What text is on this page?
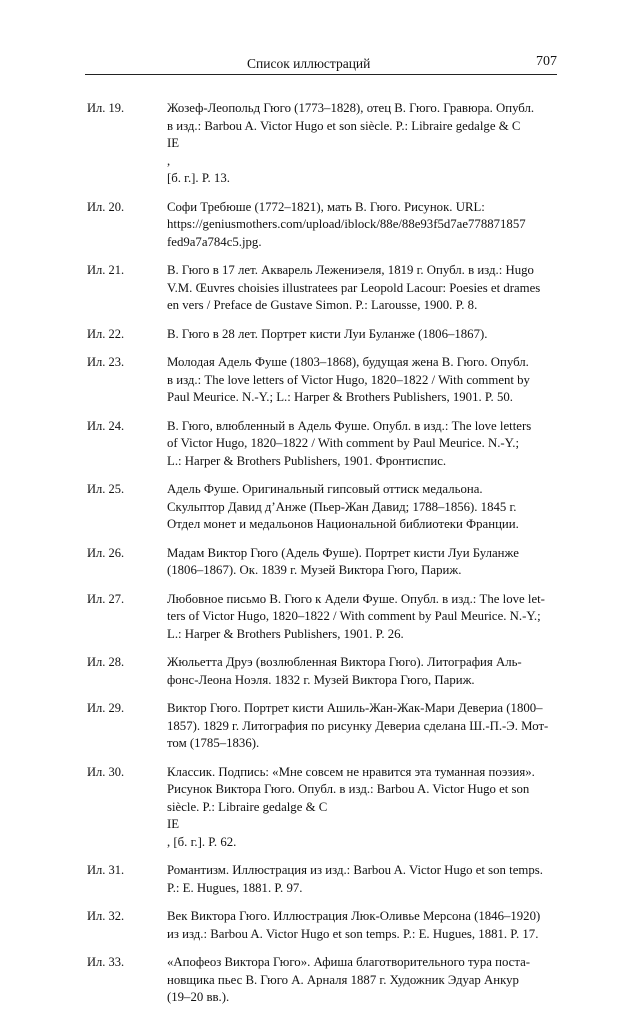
Список иллюстраций	707
Ил. 19.	Жозеф-Леопольд Гюго (1773–1828), отец В. Гюго. Гравюра. Опубл.
в изд.: Barbou A. Victor Hugo et son siècle. P.: Libraire gedalge & C
IE
,
[б. г.]. P. 13.
Ил. 20.	Софи Требюше (1772–1821), мать В. Гюго. Рисунок. URL:
https://geniusmothers.com/upload/iblock/88e/88e93f5d7ae778871857
fed9a7a784c5.jpg.
Ил. 21.	В. Гюго в 17 лет. Акварель Лежениэеля, 1819 г. Опубл. в изд.: Hugo
V.M. Œuvres choisies illustratees par Leopold Lacour: Poesies et drames
en vers / Preface de Gustave Simon. P.: Larousse, 1900. P. 8.
Ил. 22.	В. Гюго в 28 лет. Портрет кисти Луи Буланже (1806–1867).
Ил. 23.	Молодая Адель Фуше (1803–1868), будущая жена В. Гюго. Опубл.
в изд.: The love letters of Victor Hugo, 1820–1822 / With comment by
Paul Meurice. N.-Y.; L.: Harper & Brothers Publishers, 1901. P. 50.
Ил. 24.	В. Гюго, влюбленный в Адель Фуше. Опубл. в изд.: The love letters
of Victor Hugo, 1820–1822 / With comment by Paul Meurice. N.-Y.;
L.: Harper & Brothers Publishers, 1901. Фронтиспис.
Ил. 25.	Адель Фуше. Оригинальный гипсовый оттиск медальона.
Скульптор Давид д’Анже (Пьер-Жан Давид; 1788–1856). 1845 г.
Отдел монет и медальонов Национальной библиотеки Франции.
Ил. 26.	Мадам Виктор Гюго (Адель Фуше). Портрет кисти Луи Буланже
(1806–1867). Ок. 1839 г. Музей Виктора Гюго, Париж.
Ил. 27.	Любовное письмо В. Гюго к Адели Фуше. Опубл. в изд.: The love let-
ters of Victor Hugo, 1820–1822 / With comment by Paul Meurice. N.-Y.;
L.: Harper & Brothers Publishers, 1901. P. 26.
Ил. 28.	Жюльетта Друэ (возлюбленная Виктора Гюго). Литография Аль-
фонс-Леона Ноэля. 1832 г. Музей Виктора Гюго, Париж.
Ил. 29.	Виктор Гюго. Портрет кисти Ашиль-Жан-Жак-Мари Девериа (1800–
1857). 1829 г. Литография по рисунку Девериа сделана Ш.-П.-Э. Мот-
том (1785–1836).
Ил. 30.	Классик. Подпись: «Мне совсем не нравится эта туманная поэзия».
Рисунок Виктора Гюго. Опубл. в изд.: Barbou A. Victor Hugo et son
siècle. P.: Libraire gedalge & C
IE
, [б. г.]. P. 62.
Ил. 31.	Романтизм. Иллюстрация из изд.: Barbou A. Victor Hugo et son temps.
P.: E. Hugues, 1881. P. 97.
Ил. 32.	Век Виктора Гюго. Иллюстрация Люк-Оливье Мерсона (1846–1920)
из изд.: Barbou A. Victor Hugo et son temps. P.: E. Hugues, 1881. P. 17.
Ил. 33.	«Апофеоз Виктора Гюго». Афиша благотворительного тура поста-
новщика пьес В. Гюго А. Арналя 1887 г. Художник Эдуар Анкур
(19–20 вв.).
